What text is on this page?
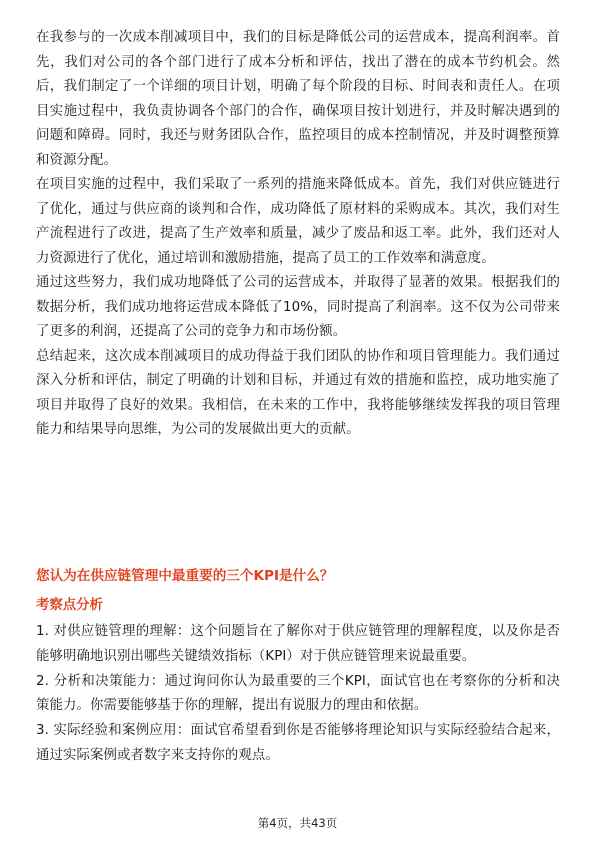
在我参与的一次成本削减项目中，我们的目标是降低公司的运营成本，提高利润率。首先，我们对公司的各个部门进行了成本分析和评估，找出了潜在的成本节约机会。然后，我们制定了一个详细的项目计划，明确了每个阶段的目标、时间表和责任人。在项目实施过程中，我负责协调各个部门的合作，确保项目按计划进行，并及时解决遇到的问题和障碍。同时，我还与财务团队合作，监控项目的成本控制情况，并及时调整预算和资源分配。

在项目实施的过程中，我们采取了一系列的措施来降低成本。首先，我们对供应链进行了优化，通过与供应商的谈判和合作，成功降低了原材料的采购成本。其次，我们对生产流程进行了改进，提高了生产效率和质量，减少了废品和返工率。此外，我们还对人力资源进行了优化，通过培训和激励措施，提高了员工的工作效率和满意度。

通过这些努力，我们成功地降低了公司的运营成本，并取得了显著的效果。根据我们的数据分析，我们成功地将运营成本降低了10%，同时提高了利润率。这不仅为公司带来了更多的利润，还提高了公司的竞争力和市场份额。

总结起来，这次成本削减项目的成功得益于我们团队的协作和项目管理能力。我们通过深入分析和评估，制定了明确的计划和目标，并通过有效的措施和监控，成功地实施了项目并取得了良好的效果。我相信，在未来的工作中，我将能够继续发挥我的项目管理能力和结果导向思维，为公司的发展做出更大的贡献。

您认为在供应链管理中最重要的三个KPI是什么？

考察点分析

1. 对供应链管理的理解：这个问题旨在了解你对于供应链管理的理解程度，以及你是否能够明确地识别出哪些关键绩效指标（KPI）对于供应链管理来说最重要。

2. 分析和决策能力：通过询问你认为最重要的三个KPI，面试官也在考察你的分析和决策能力。你需要能够基于你的理解，提出有说服力的理由和依据。

3. 实际经验和案例应用：面试官希望看到你是否能够将理论知识与实际经验结合起来，通过实际案例或者数字来支持你的观点。

第4页，共43页
